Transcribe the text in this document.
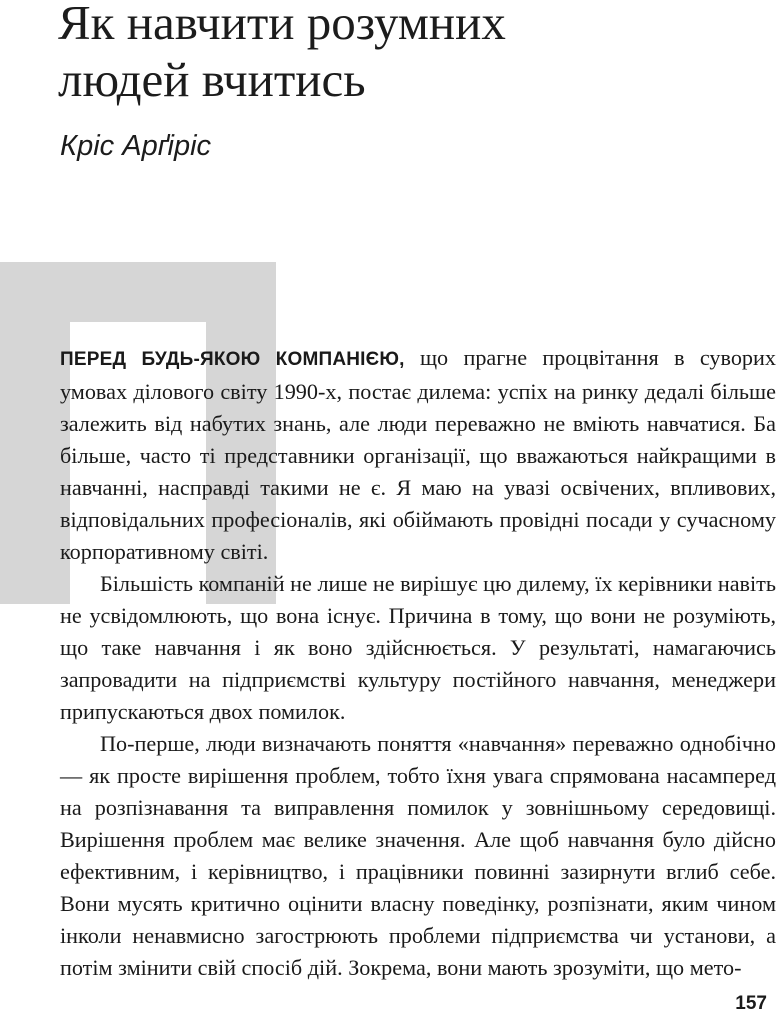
Як навчити розумних
людей вчитись
Кріс Арґіріс

ПЕРЕД БУДЬ-ЯКОЮ КОМПАНІЄЮ, що прагне процвітання в суворих умовах ділового світу 1990-х, постає дилема: успіх на ринку дедалі більше залежить від набутих знань, але люди переважно не вміють навчатися. Ба більше, часто ті представники організації, що вважаються найкращими в навчанні, насправді такими не є. Я маю на увазі освічених, впливових, відповідальних професіоналів, які обіймають провідні посади у сучасному корпоративному світі.

Більшість компаній не лише не вирішує цю дилему, їх керівники навіть не усвідомлюють, що вона існує. Причина в тому, що вони не розуміють, що таке навчання і як воно здійснюється. У результаті, намагаючись запровадити на підприємстві культуру постійного навчання, менеджери припускаються двох помилок.

По-перше, люди визначають поняття «навчання» переважно однобічно — як просте вирішення проблем, тобто їхня увага спрямована насамперед на розпізнавання та виправлення помилок у зовнішньому середовищі. Вирішення проблем має велике значення. Але щоб навчання було дійсно ефективним, і керівництво, і працівники повинні зазирнути вглиб себе. Вони мусять критично оцінити власну поведінку, розпізнати, яким чином інколи ненавмисно загострюють проблеми підприємства чи установи, а потім змінити свій спосіб дій. Зокрема, вони мають зрозуміти, що мето-

157
